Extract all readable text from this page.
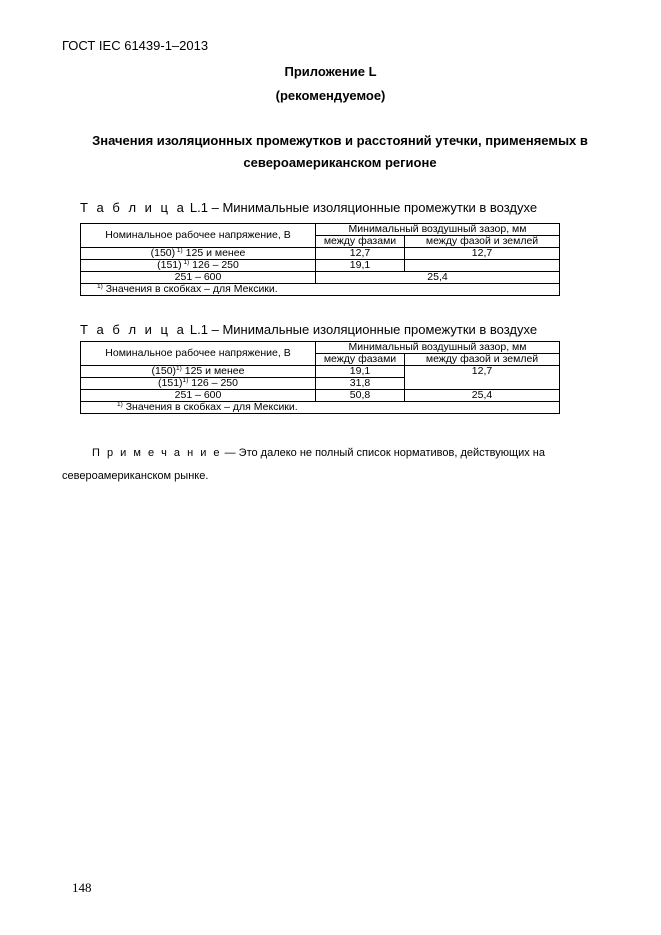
ГОСТ IEC 61439-1–2013
Приложение L
(рекомендуемое)
Значения изоляционных промежутков и расстояний утечки, применяемых в
североамериканском регионе
Т а б л и ц а L.1 – Минимальные изоляционные промежутки в воздухе
Номинальное рабочее напряжение, В	Минимальный воздушный зазор, мм	
	между фазами	между фазой и землей
(150) $^{1)}$ 125 и менее	12,7	12,7
(151) $^{1)}$ 126 – 250	19,1	
251 – 600	25,4	
$^{1)}$ Значения в скобках – для Мексики.		
Т а б л и ц а L.1 – Минимальные изоляционные промежутки в воздухе
Номинальное рабочее напряжение, В	Минимальный воздушный зазор, мм	
	между фазами	между фазой и землей
$(150)^{1)}$ 125 и менее	19,1	12,7
$(151)^{1)}$ 126 – 250	31,8	
251 – 600	50,8	25,4
$^{1)}$ Значения в скобках – для Мексики.		
П р и м е ч а н и е — Это далеко не полный список нормативов, действующих на
североамериканском рынке.
148
